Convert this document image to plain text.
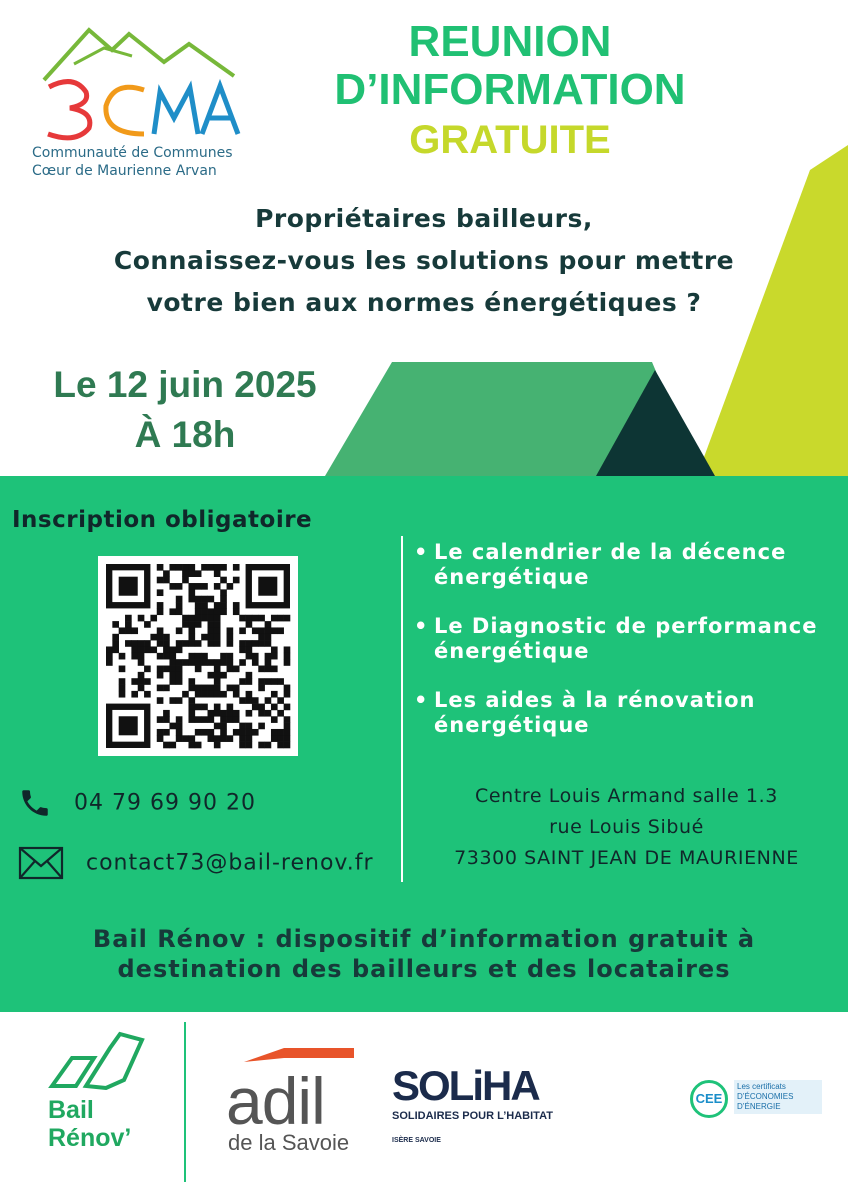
Communauté de Communes
Cœur de Maurienne Arvan
REUNION
D’INFORMATION
GRATUITE
Propriétaires bailleurs,
Connaissez-vous les solutions pour mettre
votre bien aux normes énergétiques ?
Le 12 juin 2025
À 18h
Inscription obligatoire
• Le calendrier de la décence énergétique
• Le Diagnostic de performance énergétique
• Les aides à la rénovation énergétique
04 79 69 90 20
contact73@bail-renov.fr
Centre Louis Armand salle 1.3
rue Louis Sibué
73300 SAINT JEAN DE MAURIENNE
Bail Rénov : dispositif d’information gratuit à
destination des bailleurs et des locataires
Bail
Rénov’ adil
de la Savoie
SOLiHA
SOLIDAIRES POUR L’HABITAT
ISÈRE SAVOIE
CEE
Les certificats
D’ÉCONOMIES
D’ÉNERGIE
